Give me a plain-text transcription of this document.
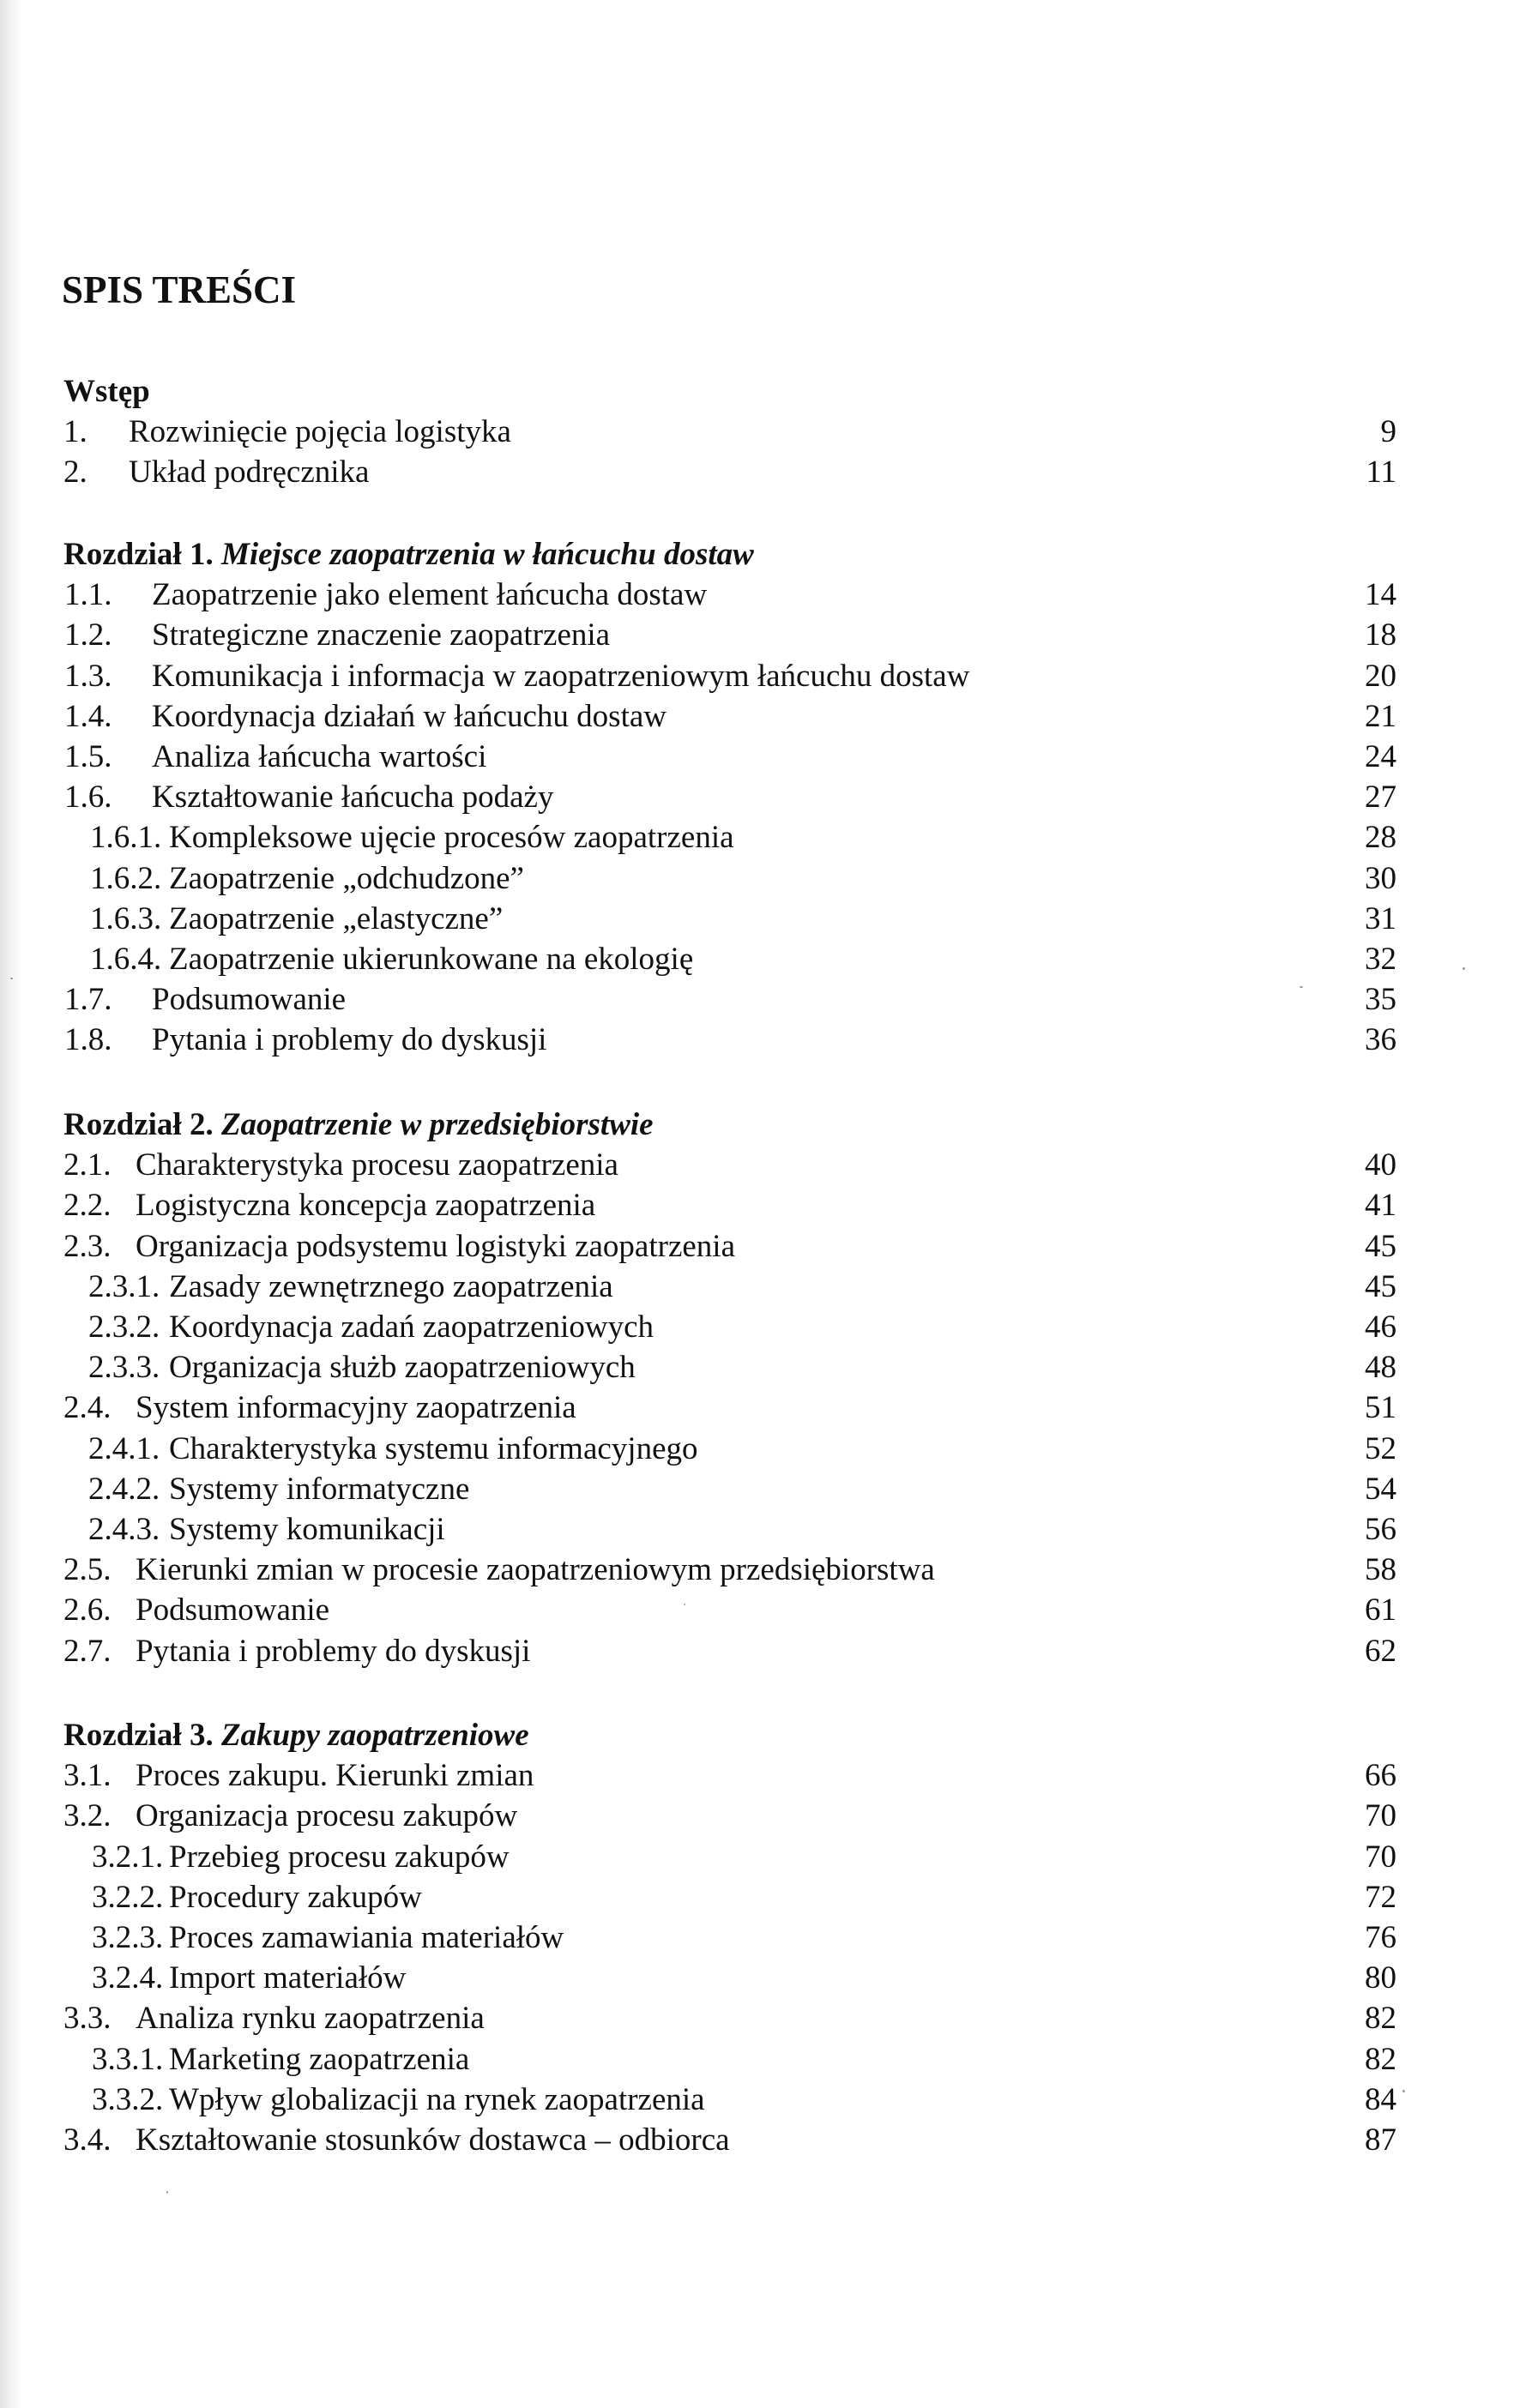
SPIS TREŚCI
Wstęp
1. Rozwinięcie pojęcia logistyka	9
2. Układ podręcznika	11
Rozdział 1. Miejsce zaopatrzenia w łańcuchu dostaw
1.1. Zaopatrzenie jako element łańcucha dostaw	14
1.2. Strategiczne znaczenie zaopatrzenia	18
1.3. Komunikacja i informacja w zaopatrzeniowym łańcuchu dostaw	20
1.4. Koordynacja działań w łańcuchu dostaw	21
1.5. Analiza łańcucha wartości	24
1.6. Kształtowanie łańcucha podaży	27
1.6.1. Kompleksowe ujęcie procesów zaopatrzenia	28
1.6.2. Zaopatrzenie „odchudzone”	30
1.6.3. Zaopatrzenie „elastyczne”	31
1.6.4. Zaopatrzenie ukierunkowane na ekologię	32
1.7. Podsumowanie	35
1.8. Pytania i problemy do dyskusji	36
Rozdział 2. Zaopatrzenie w przedsiębiorstwie
2.1. Charakterystyka procesu zaopatrzenia	40
2.2. Logistyczna koncepcja zaopatrzenia	41
2.3. Organizacja podsystemu logistyki zaopatrzenia	45
2.3.1. Zasady zewnętrznego zaopatrzenia	45
2.3.2. Koordynacja zadań zaopatrzeniowych	46
2.3.3. Organizacja służb zaopatrzeniowych	48
2.4. System informacyjny zaopatrzenia	51
2.4.1. Charakterystyka systemu informacyjnego	52
2.4.2. Systemy informatyczne	54
2.4.3. Systemy komunikacji	56
2.5. Kierunki zmian w procesie zaopatrzeniowym przedsiębiorstwa	58
2.6. Podsumowanie	61
2.7. Pytania i problemy do dyskusji	62
Rozdział 3. Zakupy zaopatrzeniowe
3.1. Proces zakupu. Kierunki zmian	66
3.2. Organizacja procesu zakupów	70
3.2.1. Przebieg procesu zakupów	70
3.2.2. Procedury zakupów	72
3.2.3. Proces zamawiania materiałów	76
3.2.4. Import materiałów	80
3.3. Analiza rynku zaopatrzenia	82
3.3.1. Marketing zaopatrzenia	82
3.3.2. Wpływ globalizacji na rynek zaopatrzenia	84
3.4. Kształtowanie stosunków dostawca – odbiorca	87
